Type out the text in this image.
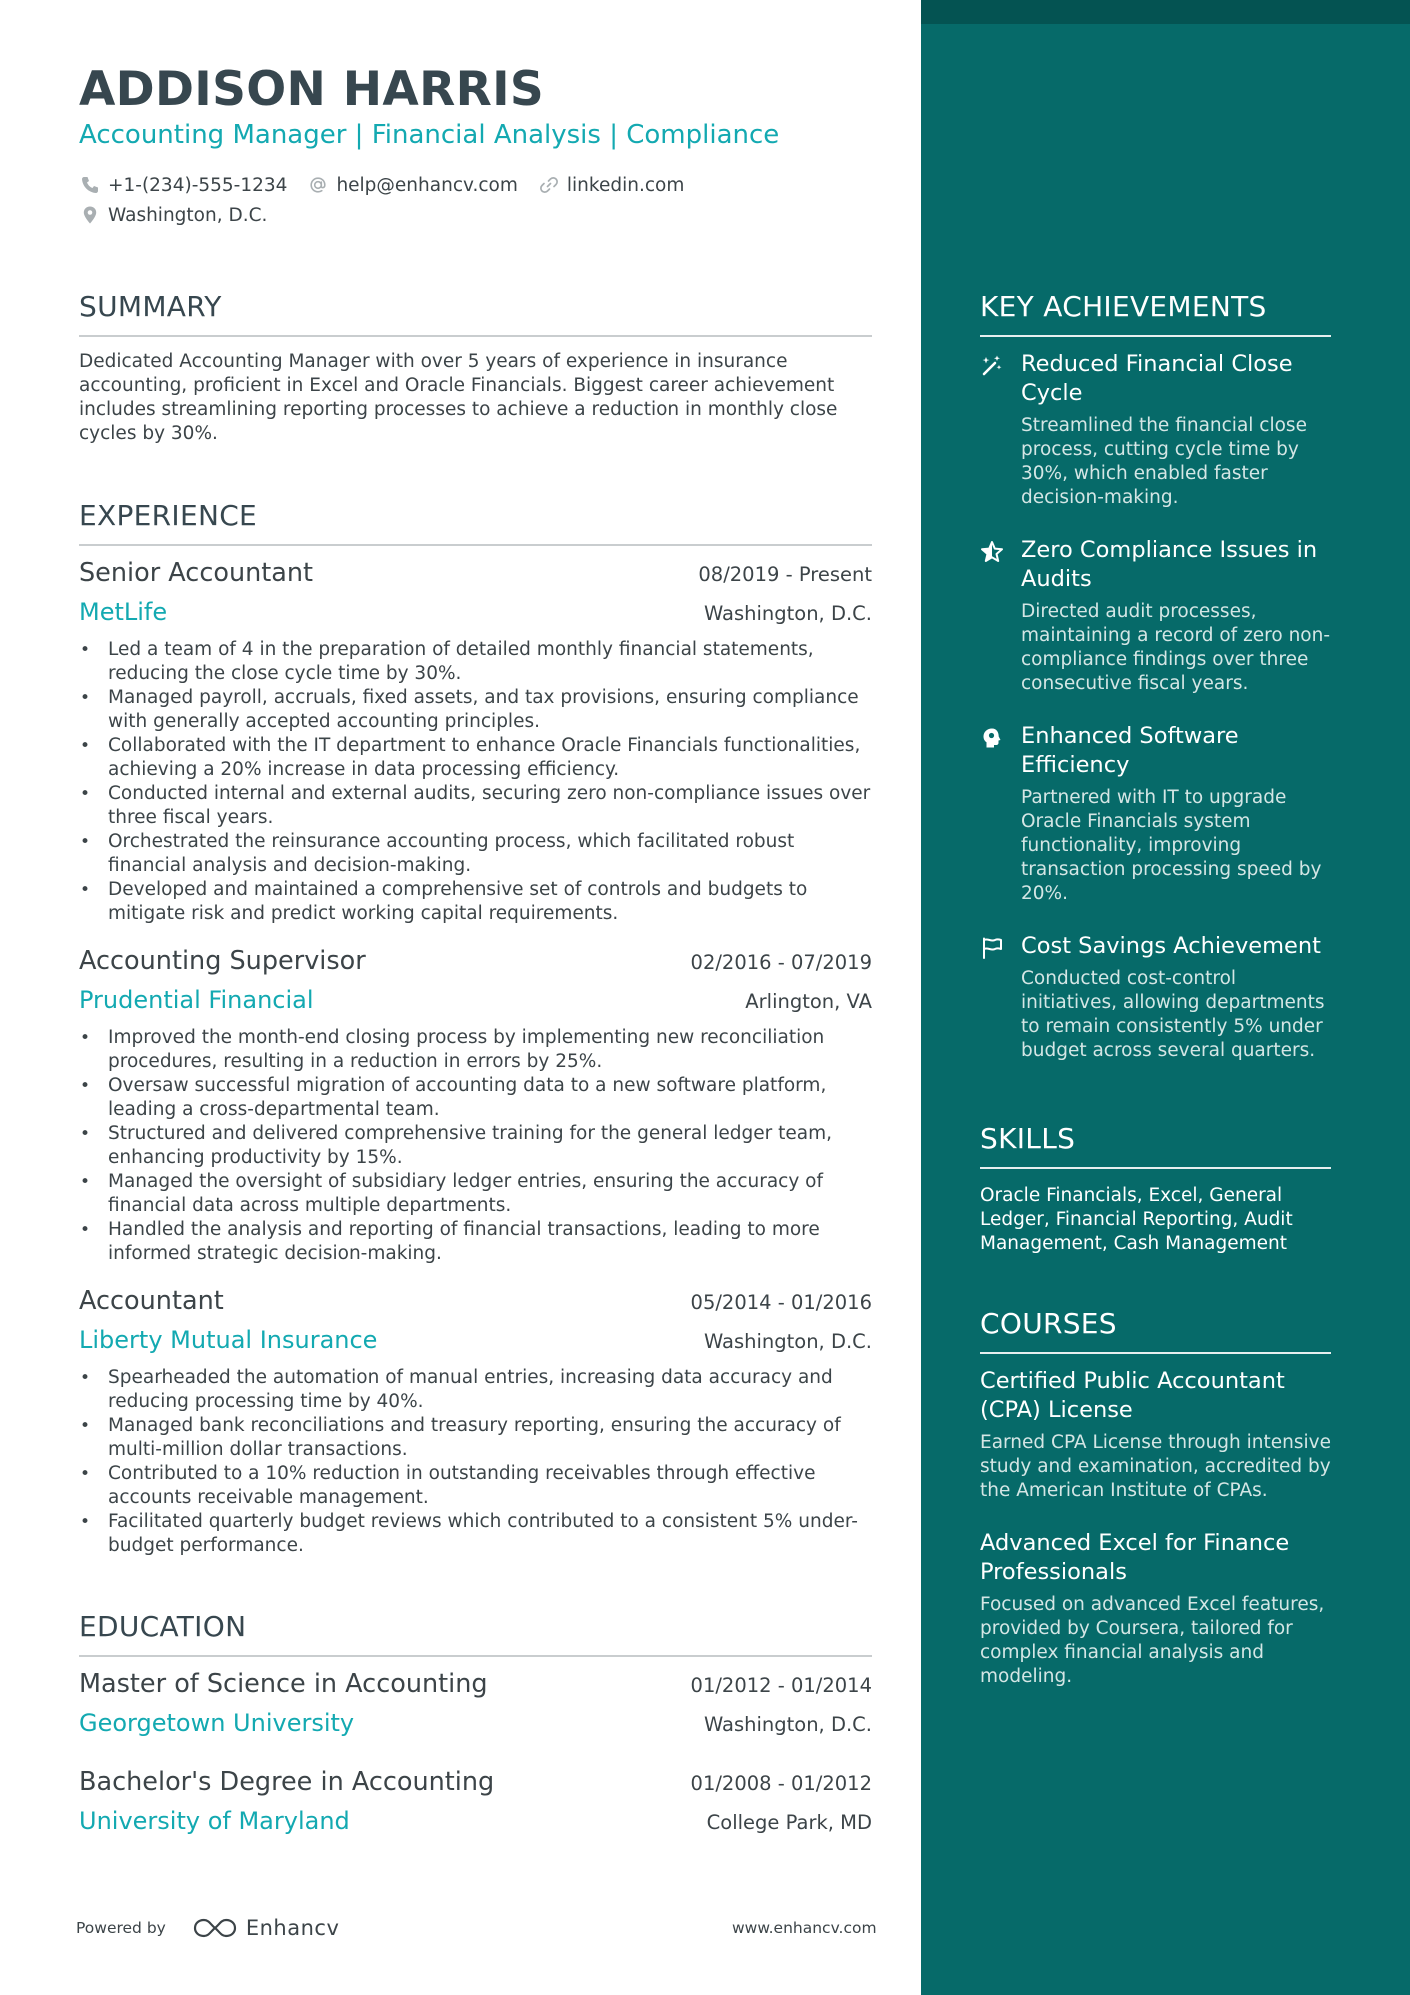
ADDISON HARRIS
Accounting Manager | Financial Analysis | Compliance
+1-(234)-555-1234	help@enhancv.com	linkedin.com
Washington, D.C.
SUMMARY
Dedicated Accounting Manager with over 5 years of experience in insurance accounting, proficient in Excel and Oracle Financials. Biggest career achievement includes streamlining reporting processes to achieve a reduction in monthly close cycles by 30%.
EXPERIENCE
Senior Accountant	08/2019 - Present
MetLife	Washington, D.C.
• Led a team of 4 in the preparation of detailed monthly financial statements, reducing the close cycle time by 30%.
• Managed payroll, accruals, fixed assets, and tax provisions, ensuring compliance with generally accepted accounting principles.
• Collaborated with the IT department to enhance Oracle Financials functionalities, achieving a 20% increase in data processing efficiency.
• Conducted internal and external audits, securing zero non-compliance issues over three fiscal years.
• Orchestrated the reinsurance accounting process, which facilitated robust financial analysis and decision-making.
• Developed and maintained a comprehensive set of controls and budgets to mitigate risk and predict working capital requirements.
Accounting Supervisor	02/2016 - 07/2019
Prudential Financial	Arlington, VA
• Improved the month-end closing process by implementing new reconciliation procedures, resulting in a reduction in errors by 25%.
• Oversaw successful migration of accounting data to a new software platform, leading a cross-departmental team.
• Structured and delivered comprehensive training for the general ledger team, enhancing productivity by 15%.
• Managed the oversight of subsidiary ledger entries, ensuring the accuracy of financial data across multiple departments.
• Handled the analysis and reporting of financial transactions, leading to more informed strategic decision-making.
Accountant	05/2014 - 01/2016
Liberty Mutual Insurance	Washington, D.C.
• Spearheaded the automation of manual entries, increasing data accuracy and reducing processing time by 40%.
• Managed bank reconciliations and treasury reporting, ensuring the accuracy of multi-million dollar transactions.
• Contributed to a 10% reduction in outstanding receivables through effective accounts receivable management.
• Facilitated quarterly budget reviews which contributed to a consistent 5% under-budget performance.
EDUCATION
Master of Science in Accounting	01/2012 - 01/2014
Georgetown University	Washington, D.C.
Bachelor's Degree in Accounting	01/2008 - 01/2012
University of Maryland	College Park, MD
Powered by	Enhancv	www.enhancv.com
KEY ACHIEVEMENTS
Reduced Financial Close Cycle
Streamlined the financial close process, cutting cycle time by 30%, which enabled faster decision-making.
Zero Compliance Issues in Audits
Directed audit processes, maintaining a record of zero non-compliance findings over three consecutive fiscal years.
Enhanced Software Efficiency
Partnered with IT to upgrade Oracle Financials system functionality, improving transaction processing speed by 20%.
Cost Savings Achievement
Conducted cost-control initiatives, allowing departments to remain consistently 5% under budget across several quarters.
SKILLS
Oracle Financials, Excel, General Ledger, Financial Reporting, Audit Management, Cash Management
COURSES
Certified Public Accountant (CPA) License
Earned CPA License through intensive study and examination, accredited by the American Institute of CPAs.
Advanced Excel for Finance Professionals
Focused on advanced Excel features, provided by Coursera, tailored for complex financial analysis and modeling.
